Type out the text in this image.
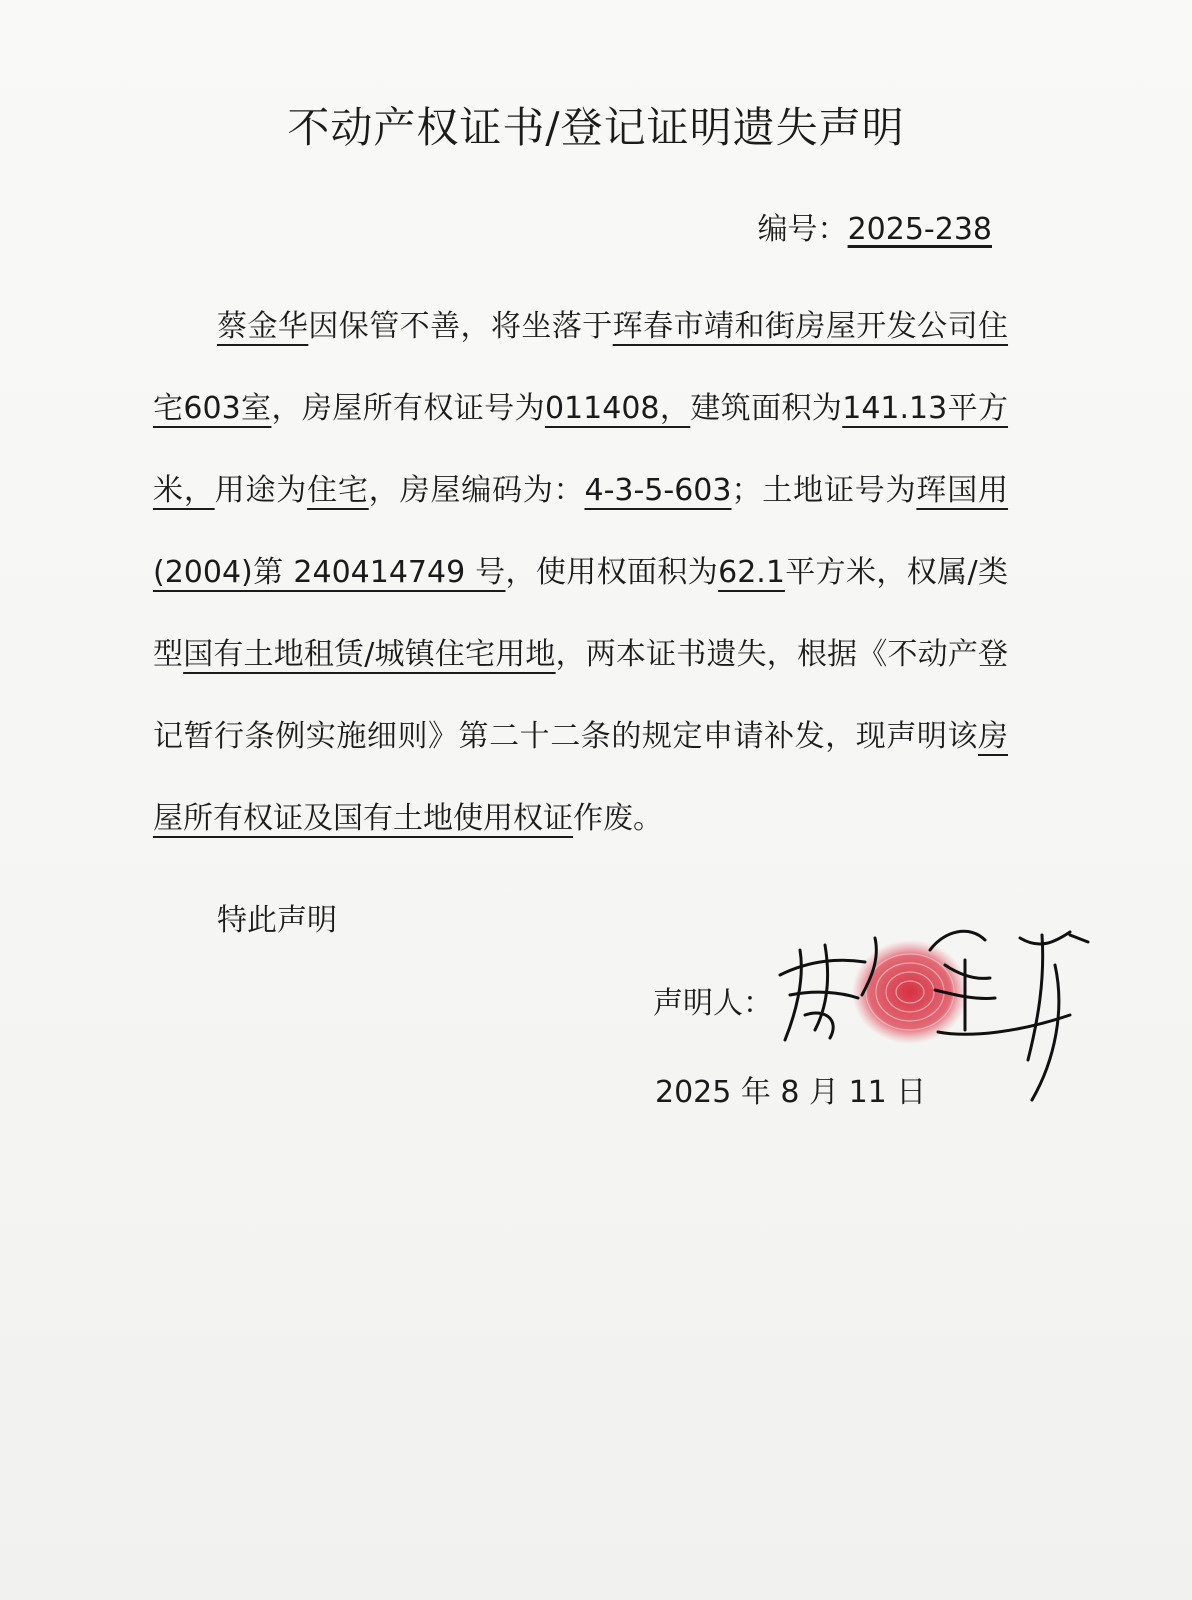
不动产权证书/登记证明遗失声明
编号：2025-238
蔡金华因保管不善，将坐落于珲春市靖和街房屋开发公司住宅603室，房屋所有权证号为011408，建筑面积为141.13平方米，用途为住宅，房屋编码为：4-3-5-603；土地证号为珲国用(2004)第 240414749 号，使用权面积为62.1平方米，权属/类型国有土地租赁/城镇住宅用地，两本证书遗失，根据《不动产登记暂行条例实施细则》第二十二条的规定申请补发，现声明该房屋所有权证及国有土地使用权证作废。
特此声明
声明人：
2025 年 8 月 11 日
